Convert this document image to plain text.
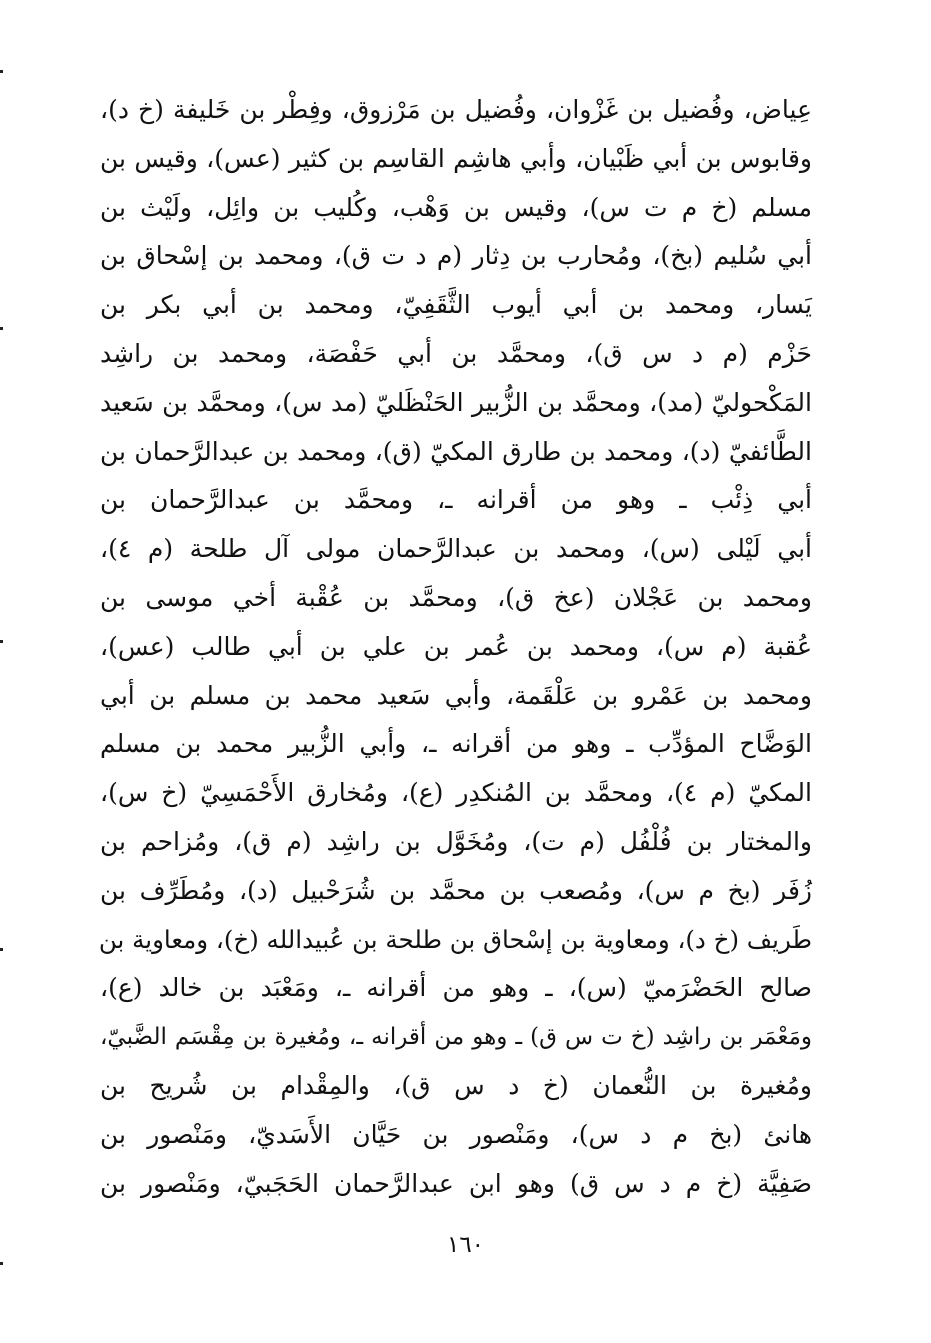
عِياض، وفُضيل بن غَزْوان، وفُضيل بن مَرْزوق، وفِطْر بن خَليفة (خ د)،
وقابوس بن أبي ظَبْيان، وأبي هاشِم القاسِم بن كثير (عس)، وقيس بن
مسلم (خ م ت س)، وقيس بن وَهْب، وكُليب بن وائِل، ولَيْث بن
أبي سُليم (بخ)، ومُحارب بن دِثار (م د ت ق)، ومحمد بن إسْحاق بن
يَسار، ومحمد بن أبي أيوب الثَّقَفِيّ، ومحمد بن أبي بكر بن
حَزْم (م د س ق)، ومحمَّد بن أبي حَفْصَة، ومحمد بن راشِد
المَكْحوليّ (مد)، ومحمَّد بن الزُّبير الحَنْظَليّ (مد س)، ومحمَّد بن سَعيد
الطَّائفيّ (د)، ومحمد بن طارق المكيّ (ق)، ومحمد بن عبدالرَّحمان بن
أبي ذِئْب ـ وهو من أقرانه ـ، ومحمَّد بن عبدالرَّحمان بن
أبي لَيْلى (س)، ومحمد بن عبدالرَّحمان مولى آل طلحة (م ٤)،
ومحمد بن عَجْلان (عخ ق)، ومحمَّد بن عُقْبة أخي موسى بن
عُقبة (م س)، ومحمد بن عُمر بن علي بن أبي طالب (عس)،
ومحمد بن عَمْرو بن عَلْقَمة، وأبي سَعيد محمد بن مسلم بن أبي
الوَضَّاح المؤدِّب ـ وهو من أقرانه ـ، وأبي الزُّبير محمد بن مسلم
المكيّ (م ٤)، ومحمَّد بن المُنكدِر (ع)، ومُخارق الأَحْمَسِيّ (خ س)،
والمختار بن فُلْفُل (م ت)، ومُخَوَّل بن راشِد (م ق)، ومُزاحم بن
زُفَر (بخ م س)، ومُصعب بن محمَّد بن شُرَحْبيل (د)، ومُطَرِّف بن
طَريف (خ د)، ومعاوية بن إسْحاق بن طلحة بن عُبيدالله (خ)، ومعاوية بن
صالح الحَضْرَميّ (س)، ـ وهو من أقرانه ـ، ومَعْبَد بن خالد (ع)،
ومَعْمَر بن راشِد (خ ت س ق) ـ وهو من أقرانه ـ، ومُغيرة بن مِقْسَم الضَّبيّ،
ومُغيرة بن النُّعمان (خ د س ق)، والمِقْدام بن شُريح بن
هانئ (بخ م د س)، ومَنْصور بن حَيَّان الأَسَديّ، ومَنْصور بن
صَفِيَّة (خ م د س ق) وهو ابن عبدالرَّحمان الحَجَبيّ، ومَنْصور بن
١٦٠
